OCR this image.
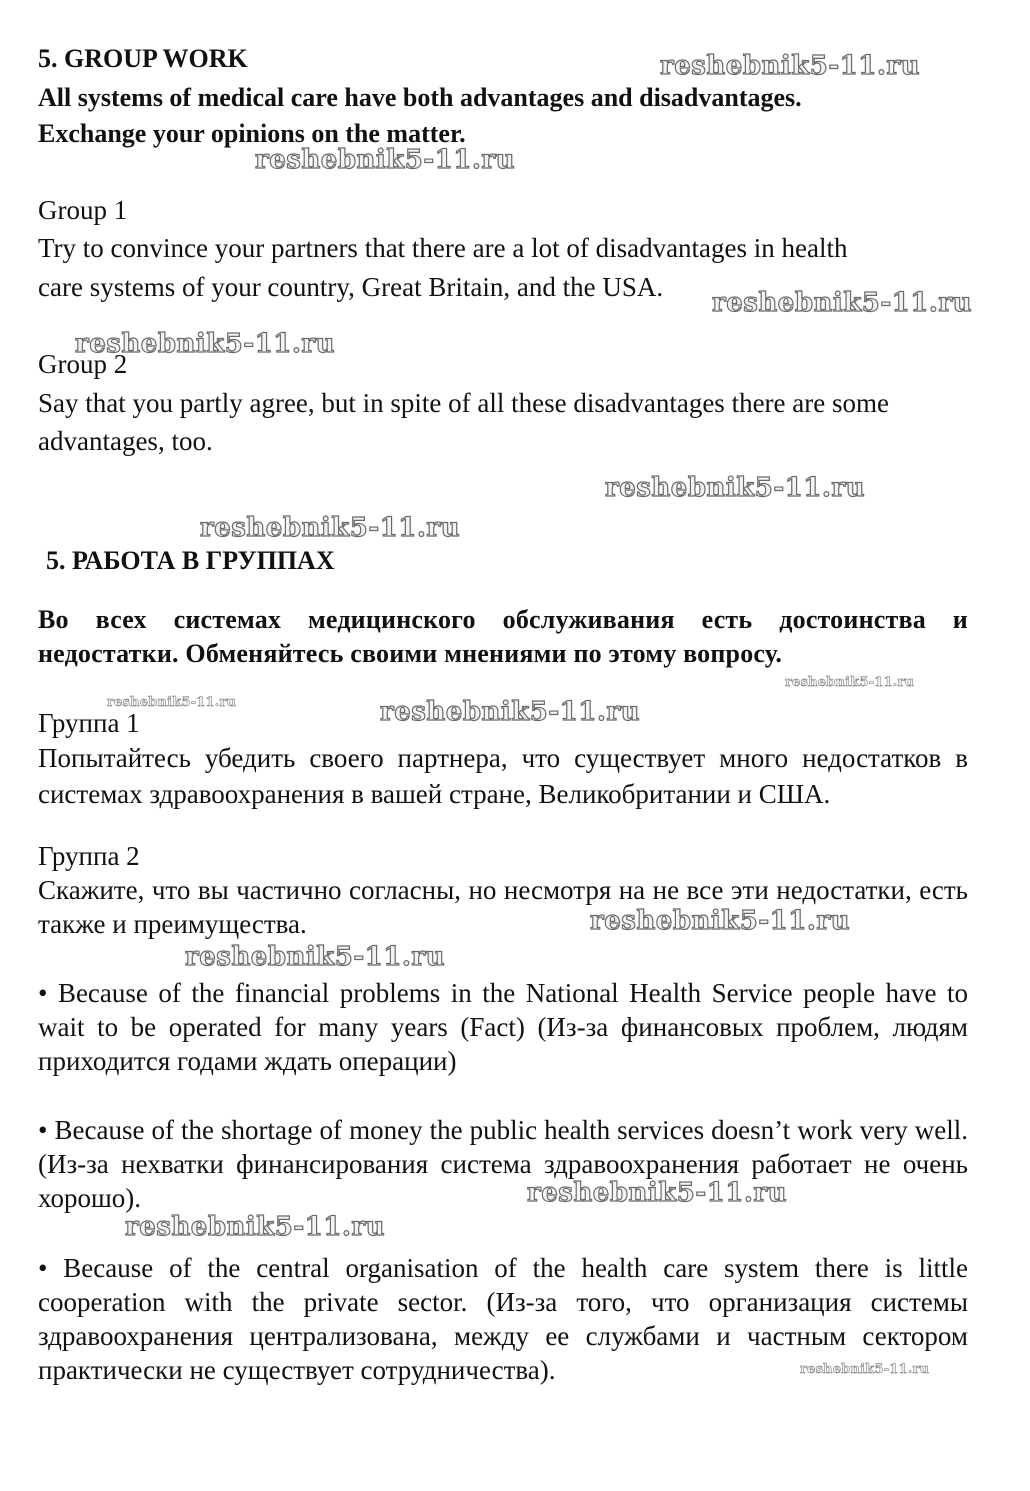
5. GROUP WORK
All systems of medical care have both advantages and disadvantages.
Exchange your opinions on the matter.
Group 1
Try to convince your partners that there are a lot of disadvantages in health
care systems of your country, Great Britain, and the USA.
Group 2
Say that you partly agree, but in spite of all these disadvantages there are some
advantages, too.
5. РАБОТА В ГРУППАХ
Во всех системах медицинского обслуживания есть достоинства и недостатки. Обменяйтесь своими мнениями по этому вопросу.
Группа 1
Попытайтесь убедить своего партнера, что существует много недостатков в системах здравоохранения в вашей стране, Великобритании и США.
Группа 2
Скажите, что вы частично согласны, но несмотря на не все эти недостатки, есть также и преимущества.
• Because of the financial problems in the National Health Service people have to wait to be operated for many years (Fact) (Из-за финансовых проблем, людям приходится годами ждать операции)
• Because of the shortage of money the public health services doesn’t work very well. (Из-за нехватки финансирования система здравоохранения работает не очень хорошо).
• Because of the central organisation of the health care system there is little cooperation with the private sector. (Из-за того, что организация системы здравоохранения централизована, между ее службами и частным сектором практически не существует сотрудничества).
reshebnik5-11.ru
reshebnik5-11.ru
reshebnik5-11.ru
reshebnik5-11.ru
reshebnik5-11.ru
reshebnik5-11.ru
reshebnik5-11.ru
reshebnik5-11.ru	reshebnik5-11.ru
reshebnik5-11.ru
reshebnik5-11.ru
reshebnik5-11.ru
reshebnik5-11.ru
reshebnik5-11.ru
